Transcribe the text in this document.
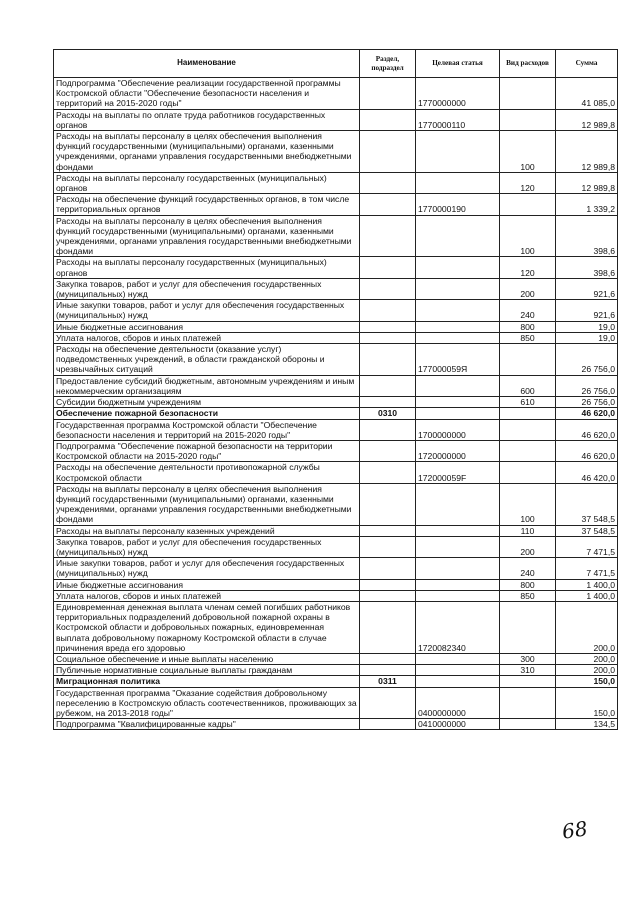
Наименование	Раздел, подраздел	Целевая статья	Вид расходов	Сумма
Подпрограмма "Обеспечение реализации государственной программы Костромской области "Обеспечение безопасности населения и территорий на 2015-2020 годы"		1770000000		41 085,0
Расходы на выплаты по оплате труда работников государственных органов		1770000110		12 989,8
Расходы на выплаты персоналу в целях обеспечения выполнения функций государственными (муниципальными) органами, казенными учреждениями, органами управления государственными внебюджетными фондами			100	12 989,8
Расходы на выплаты персоналу государственных (муниципальных) органов			120	12 989,8
Расходы на обеспечение функций государственных органов, в том числе территориальных органов		1770000190		1 339,2
Расходы на выплаты персоналу в целях обеспечения выполнения функций государственными (муниципальными) органами, казенными учреждениями, органами управления государственными внебюджетными фондами			100	398,6
Расходы на выплаты персоналу государственных (муниципальных) органов			120	398,6
Закупка товаров, работ и услуг для обеспечения государственных (муниципальных) нужд			200	921,6
Иные закупки товаров, работ и услуг для обеспечения государственных (муниципальных) нужд			240	921,6
Иные бюджетные ассигнования			800	19,0
Уплата налогов, сборов и иных платежей			850	19,0
Расходы на обеспечение деятельности (оказание услуг) подведомственных учреждений, в области гражданской обороны и чрезвычайных ситуаций		177000059Я		26 756,0
Предоставление субсидий бюджетным, автономным учреждениям и иным некоммерческим организациям			600	26 756,0
Субсидии бюджетным учреждениям			610	26 756,0
Обеспечение пожарной безопасности	0310			46 620,0
Государственная программа Костромской области "Обеспечение безопасности населения и территорий на 2015-2020 годы"		1700000000		46 620,0
Подпрограмма "Обеспечение пожарной безопасности на территории Костромской области на 2015-2020 годы"		1720000000		46 620,0
Расходы на обеспечение деятельности противопожарной службы Костромской области		172000059F		46 420,0
Расходы на выплаты персоналу в целях обеспечения выполнения функций государственными (муниципальными) органами, казенными учреждениями, органами управления государственными внебюджетными фондами			100	37 548,5
Расходы на выплаты персоналу казенных учреждений			110	37 548,5
Закупка товаров, работ и услуг для обеспечения государственных (муниципальных) нужд			200	7 471,5
Иные закупки товаров, работ и услуг для обеспечения государственных (муниципальных) нужд			240	7 471,5
Иные бюджетные ассигнования			800	1 400,0
Уплата налогов, сборов и иных платежей			850	1 400,0
Единовременная денежная выплата членам семей погибших работников территориальных подразделений добровольной пожарной охраны в Костромской области и добровольных пожарных, единовременная выплата добровольному пожарному Костромской области в случае причинения вреда его здоровью		1720082340		200,0
Социальное обеспечение и иные выплаты населению			300	200,0
Публичные нормативные социальные выплаты гражданам			310	200,0
Миграционная политика	0311			150,0
Государственная программа "Оказание содействия добровольному переселению в Костромскую область соотечественников, проживающих за рубежом, на 2013-2018 годы"		0400000000		150,0
Подпрограмма "Квалифицированные кадры"		0410000000		134,5
68
